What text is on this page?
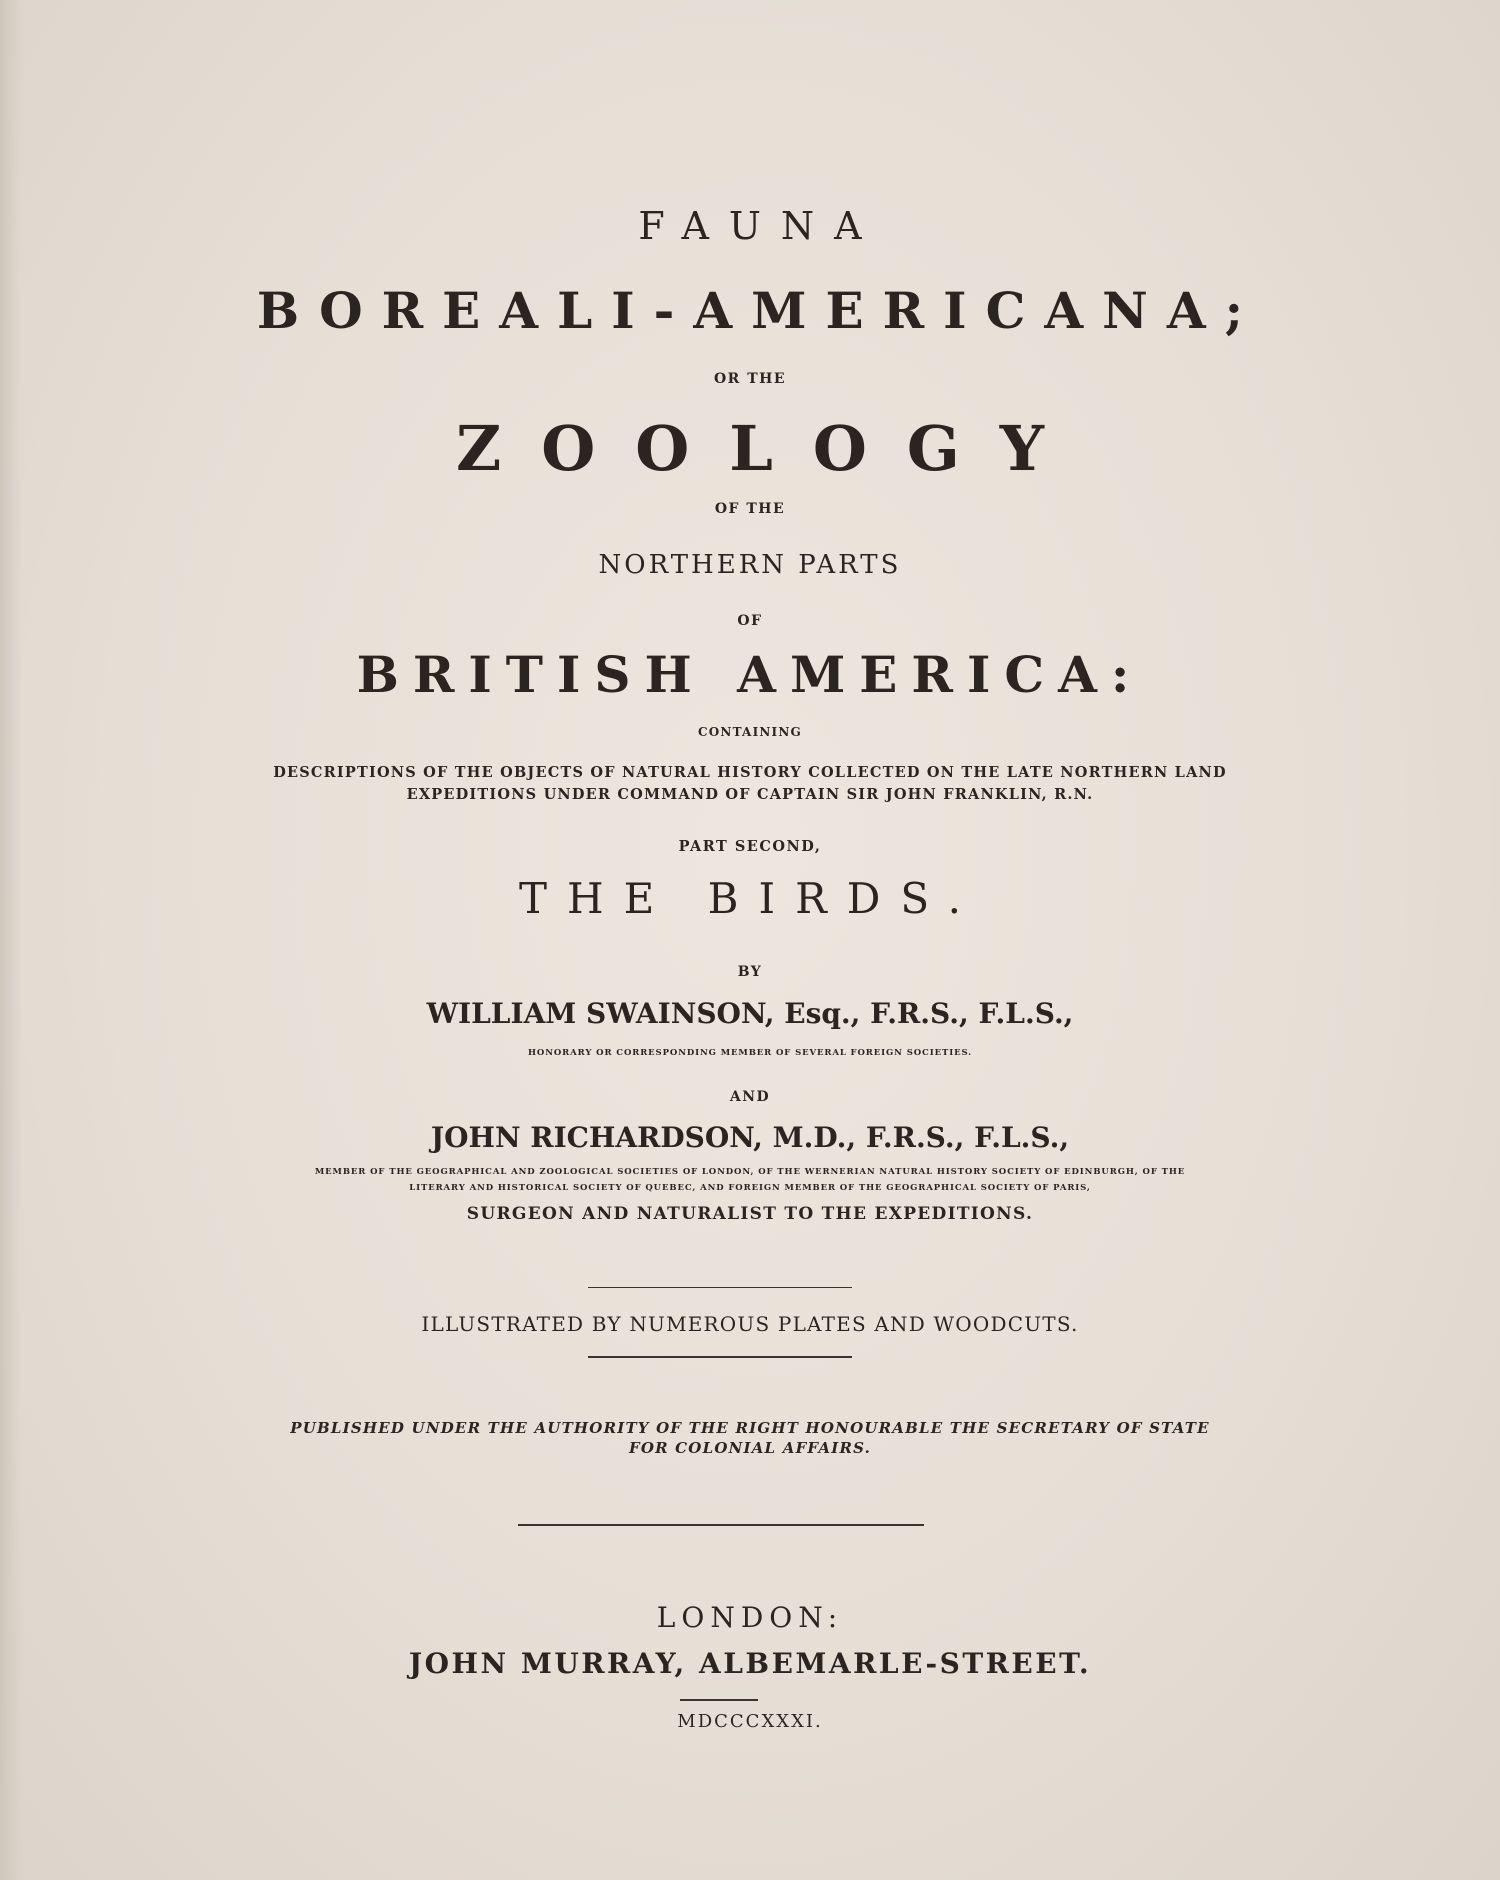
FAUNA

BOREALI-AMERICANA;

OR THE

ZOOLOGY

OF THE

NORTHERN PARTS

OF

BRITISH AMERICA:

CONTAINING

DESCRIPTIONS OF THE OBJECTS OF NATURAL HISTORY COLLECTED ON THE LATE NORTHERN LAND

EXPEDITIONS UNDER COMMAND OF CAPTAIN SIR JOHN FRANKLIN, R.N.

PART SECOND,

THE BIRDS.

BY

WILLIAM SWAINSON, Esq., F.R.S., F.L.S.,

HONORARY OR CORRESPONDING MEMBER OF SEVERAL FOREIGN SOCIETIES.

AND

JOHN RICHARDSON, M.D., F.R.S., F.L.S.,

MEMBER OF THE GEOGRAPHICAL AND ZOOLOGICAL SOCIETIES OF LONDON, OF THE WERNERIAN NATURAL HISTORY SOCIETY OF EDINBURGH, OF THE

LITERARY AND HISTORICAL SOCIETY OF QUEBEC, AND FOREIGN MEMBER OF THE GEOGRAPHICAL SOCIETY OF PARIS,

SURGEON AND NATURALIST TO THE EXPEDITIONS.

ILLUSTRATED BY NUMEROUS PLATES AND WOODCUTS.

PUBLISHED UNDER THE AUTHORITY OF THE RIGHT HONOURABLE THE SECRETARY OF STATE

FOR COLONIAL AFFAIRS.

LONDON:

JOHN MURRAY, ALBEMARLE-STREET.

MDCCCXXXI.
